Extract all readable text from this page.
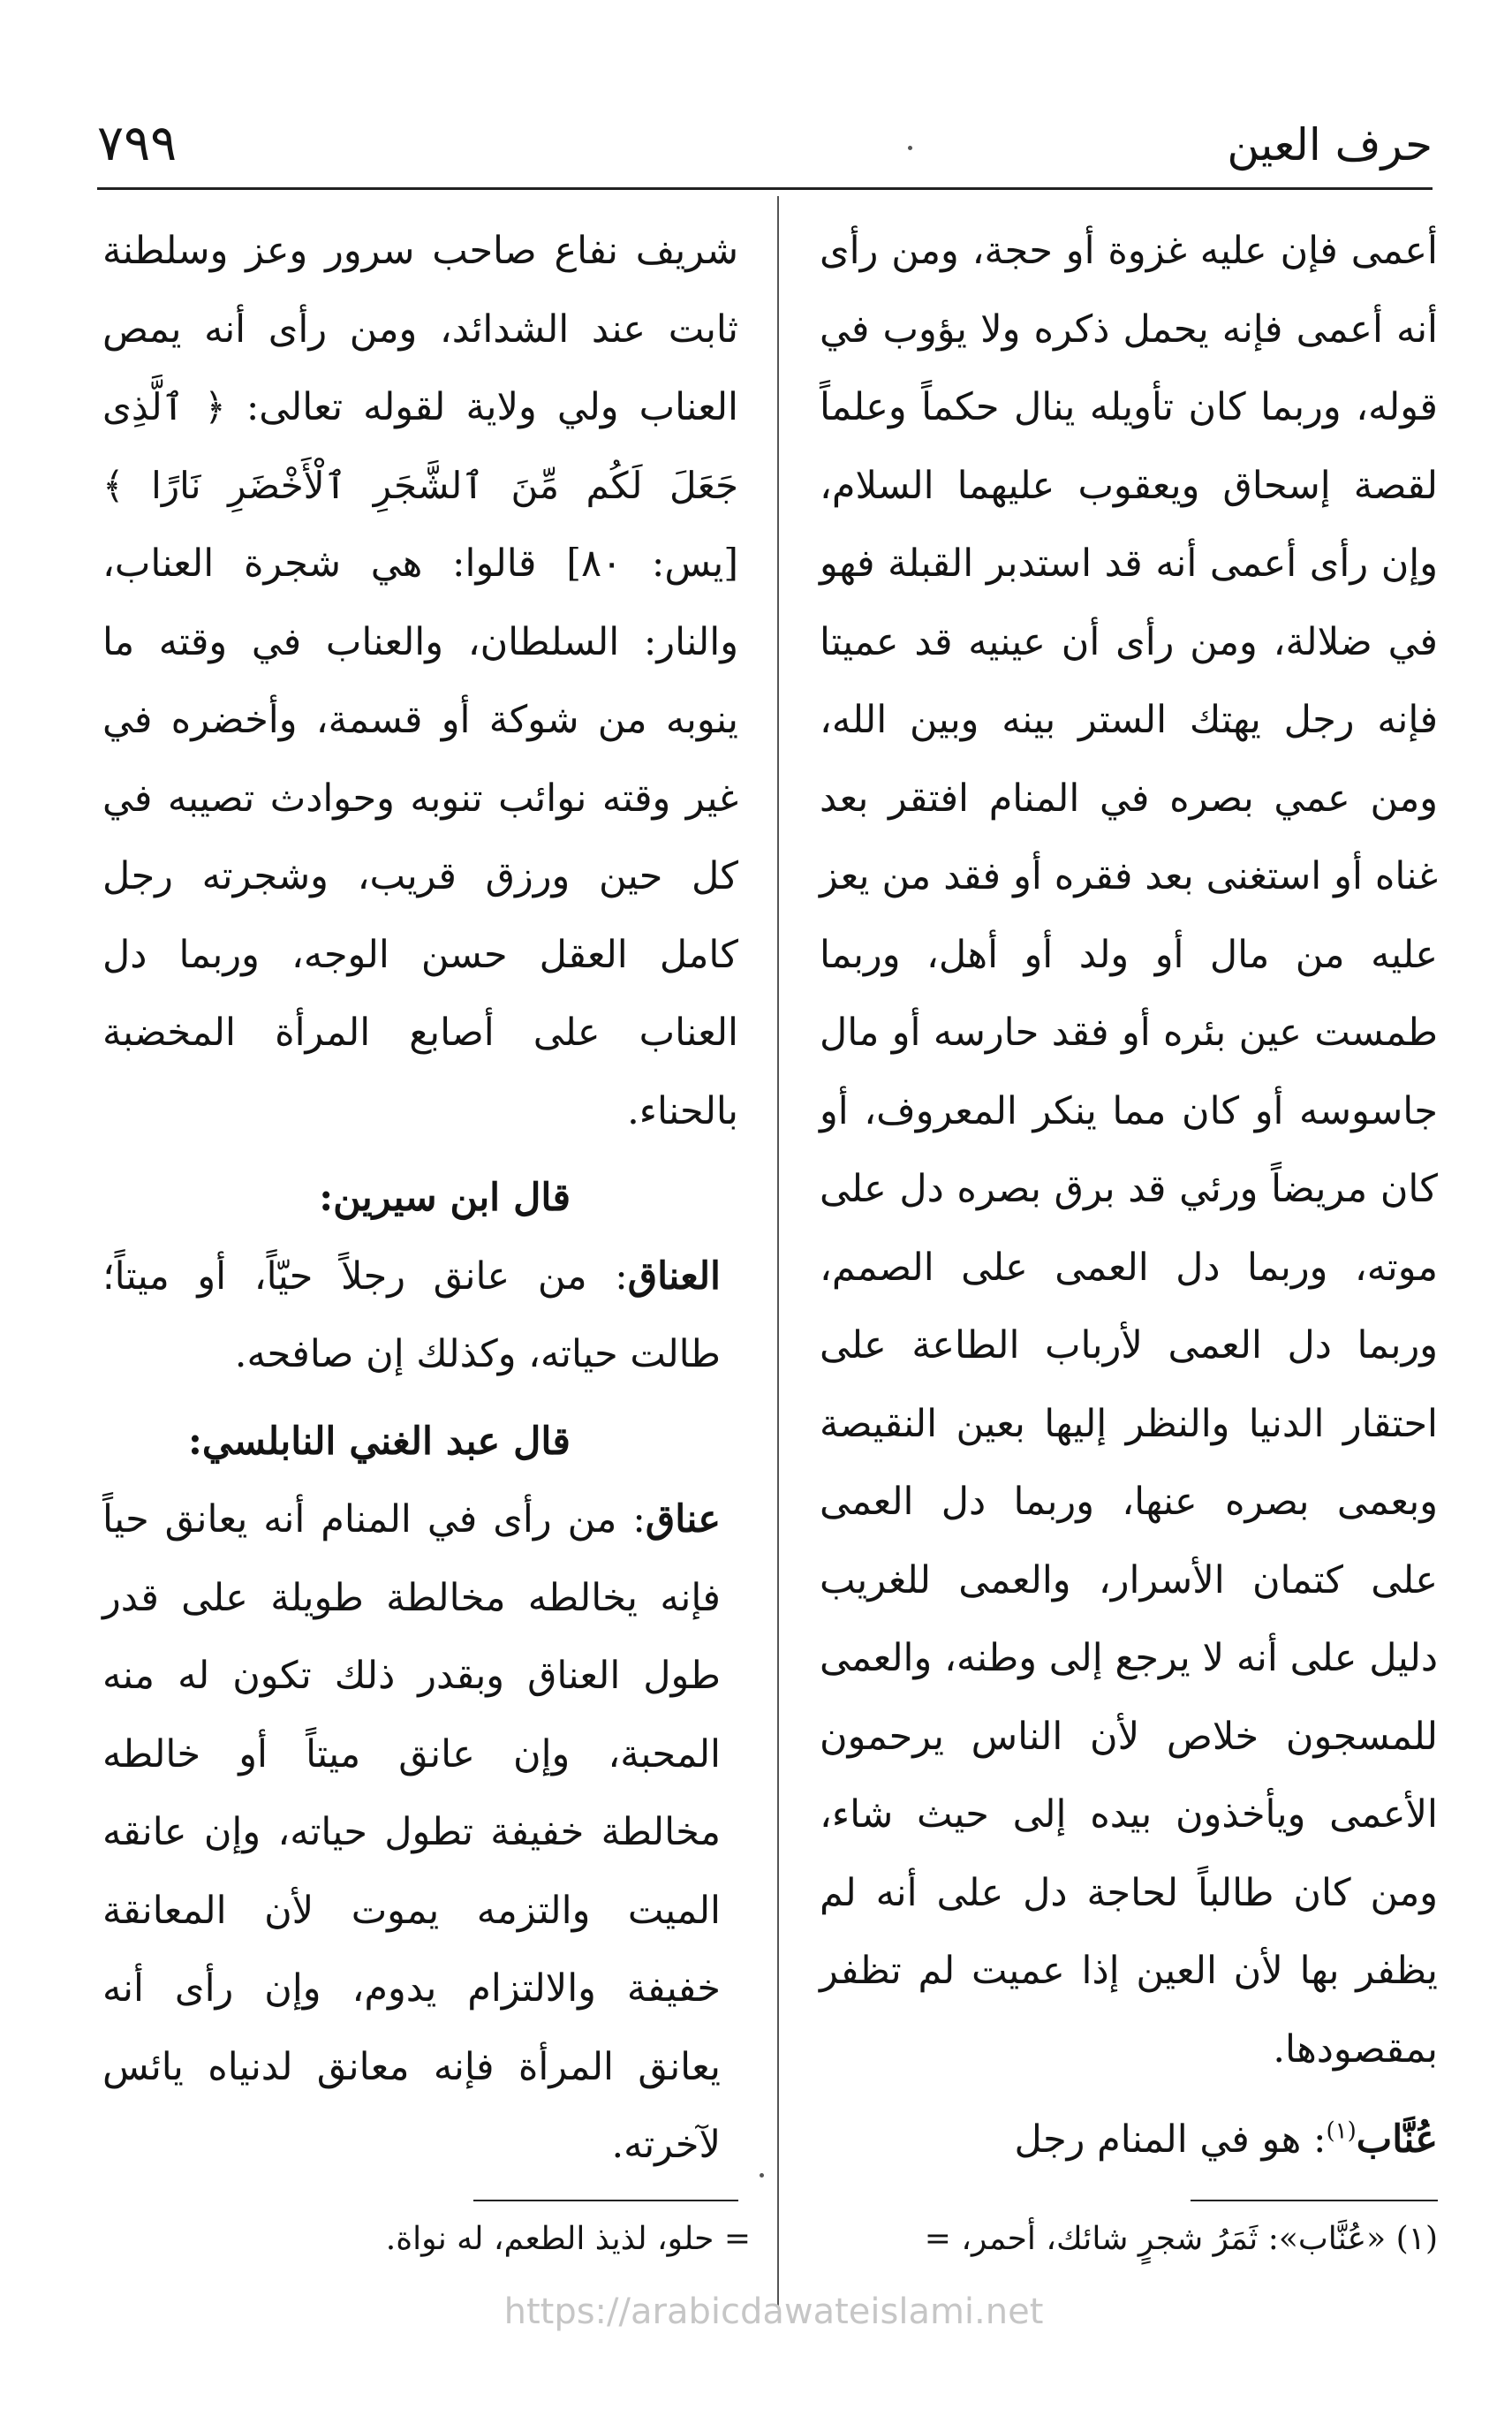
حرف العين
٧٩٩

أعمى فإن عليه غزوة أو حجة، ومن رأى أنه أعمى فإنه يحمل ذكره ولا يؤوب في قوله، وربما كان تأويله ينال حكماً وعلماً لقصة إسحاق ويعقوب عليهما السلام، وإن رأى أعمى أنه قد استدبر القبلة فهو في ضلالة، ومن رأى أن عينيه قد عميتا فإنه رجل يهتك الستر بينه وبين الله، ومن عمي بصره في المنام افتقر بعد غناه أو استغنى بعد فقره أو فقد من يعز عليه من مال أو ولد أو أهل، وربما طمست عين بئره أو فقد حارسه أو مال جاسوسه أو كان مما ينكر المعروف، أو كان مريضاً ورئي قد برق بصره دل على موته، وربما دل العمى على الصمم، وربما دل العمى لأرباب الطاعة على احتقار الدنيا والنظر إليها بعين النقيصة وبعمى بصره عنها، وربما دل العمى على كتمان الأسرار، والعمى للغريب دليل على أنه لا يرجع إلى وطنه، والعمى للمسجون خلاص لأن الناس يرحمون الأعمى ويأخذون بيده إلى حيث شاء، ومن كان طالباً لحاجة دل على أنه لم يظفر بها لأن العين إذا عميت لم تظفر بمقصودها.

عُنَّاب$^{(١)}$: هو في المنام رجل

شريف نفاع صاحب سرور وعز وسلطنة ثابت عند الشدائد، ومن رأى أنه يمص العناب ولي ولاية لقوله تعالى: ﴿ ٱلَّذِى جَعَلَ لَكُم مِّنَ ٱلشَّجَرِ ٱلْأَخْضَرِ نَارًا ﴾ [يس: ٨٠] قالوا: هي شجرة العناب، والنار: السلطان، والعناب في وقته ما ينوبه من شوكة أو قسمة، وأخضره في غير وقته نوائب تنوبه وحوادث تصيبه في كل حين ورزق قريب، وشجرته رجل كامل العقل حسن الوجه، وربما دل العناب على أصابع المرأة المخضبة بالحناء.

قال ابن سيرين:

العناق: من عانق رجلاً حيّاً، أو ميتاً؛ طالت حياته، وكذلك إن صافحه.

قال عبد الغني النابلسي:

عناق: من رأى في المنام أنه يعانق حياً فإنه يخالطه مخالطة طويلة على قدر طول العناق وبقدر ذلك تكون له منه المحبة، وإن عانق ميتاً أو خالطه مخالطة خفيفة تطول حياته، وإن عانقه الميت والتزمه يموت لأن المعانقة خفيفة والالتزام يدوم، وإن رأى أنه يعانق المرأة فإنه معانق لدنياه يائس لآخرته.

(١) «عُنَّاب»: ثَمَرُ شجرٍ شائك، أحمر، =
= حلو، لذيذ الطعم، له نواة.
https://arabicdawateislami.net
